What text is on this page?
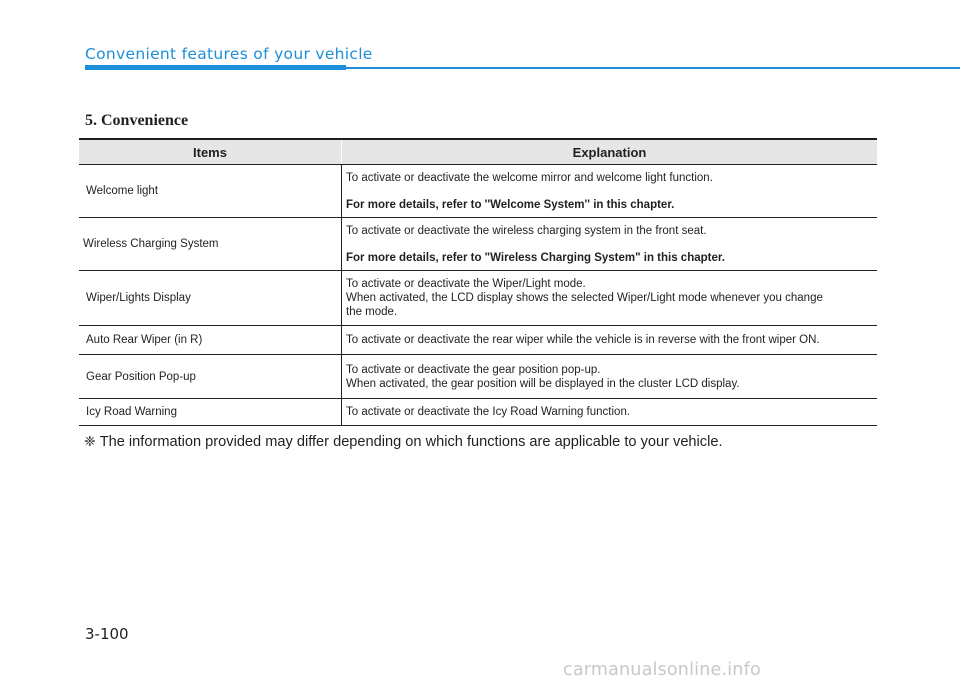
Convenient features of your vehicle
5. Convenience
Items	Explanation
Welcome light	To activate or deactivate the welcome mirror and welcome light function.
For more details, refer to ''Welcome System'' in this chapter.

Wireless Charging System	To activate or deactivate the wireless charging system in the front seat.
For more details, refer to "Wireless Charging System" in this chapter.

Wiper/Lights Display	To activate or deactivate the Wiper/Light mode.
When activated, the LCD display shows the selected Wiper/Light mode whenever you change
the mode.

Auto Rear Wiper (in R)	To activate or deactivate the rear wiper while the vehicle is in reverse with the front wiper ON.

Gear Position Pop-up	To activate or deactivate the gear position pop-up.
When activated, the gear position will be displayed in the cluster LCD display.

Icy Road Warning	To activate or deactivate the Icy Road Warning function.
❈ The information provided may differ depending on which functions are applicable to your vehicle.
3-100
carmanualsonline.info
